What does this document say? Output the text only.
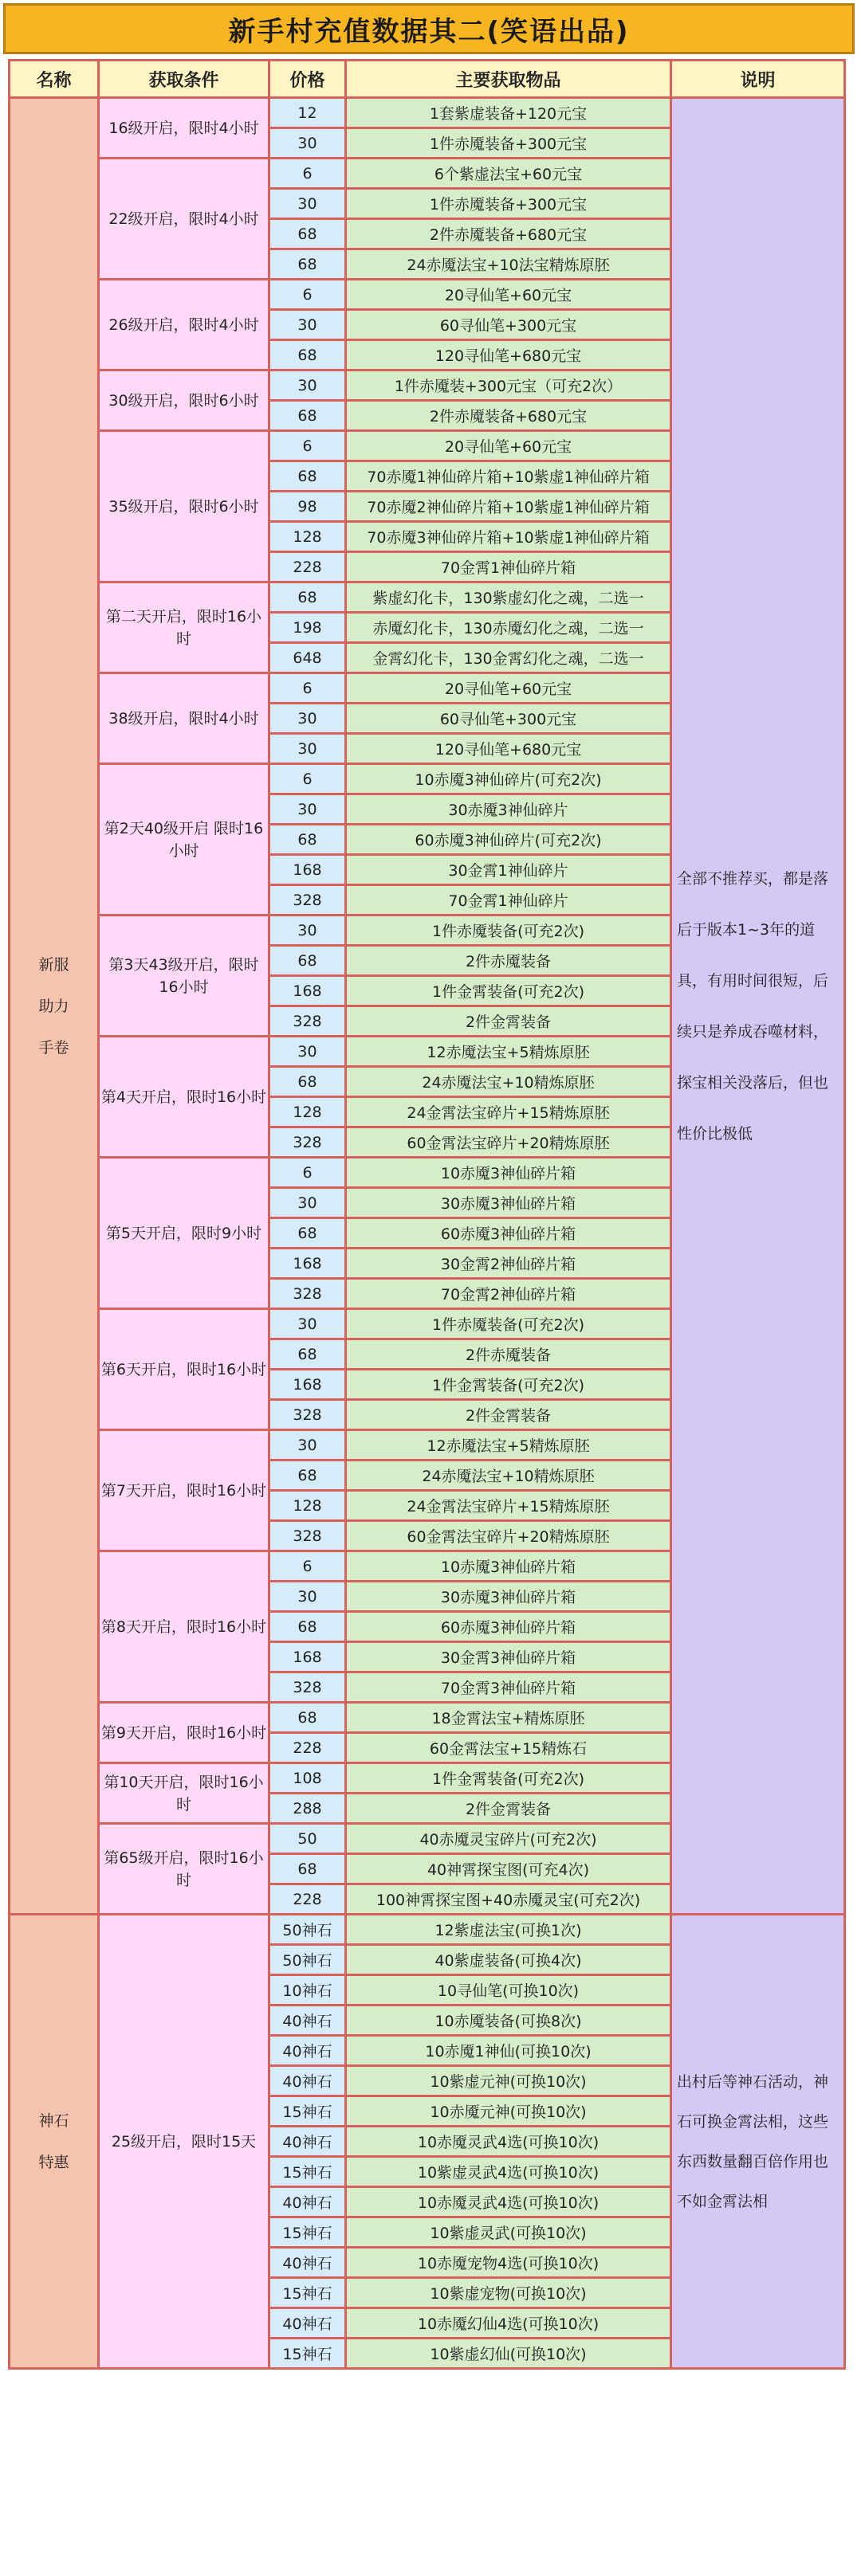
新手村充值数据其二(笑语出品)
名称	获取条件	价格	主要获取物品	说明
新服助力手卷	16级开启，限时4小时	12	1套紫虚装备+120元宝	全部不推荐买，都是落后于版本1~3年的道具，有用时间很短，后续只是养成吞噬材料，探宝相关没落后，但也性价比极低
		30	1件赤魇装备+300元宝	
	22级开启，限时4小时	6	6个紫虚法宝+60元宝	
		30	1件赤魇装备+300元宝	
		68	2件赤魇装备+680元宝	
		68	24赤魇法宝+10法宝精炼原胚	
	26级开启，限时4小时	6	20寻仙笔+60元宝	
		30	60寻仙笔+300元宝	
		68	120寻仙笔+680元宝	
	30级开启，限时6小时	30	1件赤魇装+300元宝（可充2次）	
		68	2件赤魇装备+680元宝	
	35级开启，限时6小时	6	20寻仙笔+60元宝	
		68	70赤魇1神仙碎片箱+10紫虚1神仙碎片箱	
		98	70赤魇2神仙碎片箱+10紫虚1神仙碎片箱	
		128	70赤魇3神仙碎片箱+10紫虚1神仙碎片箱	
		228	70金霄1神仙碎片箱	
	第二天开启，限时16小时	68	紫虚幻化卡，130紫虚幻化之魂，二选一	
		198	赤魇幻化卡，130赤魇幻化之魂，二选一	
		648	金霄幻化卡，130金霄幻化之魂，二选一	
	38级开启，限时4小时	6	20寻仙笔+60元宝	
		30	60寻仙笔+300元宝	
		30	120寻仙笔+680元宝	
	第2天40级开启 限时16小时	6	10赤魇3神仙碎片(可充2次)	
		30	30赤魇3神仙碎片	
		68	60赤魇3神仙碎片(可充2次)	
		168	30金霄1神仙碎片	
		328	70金霄1神仙碎片	
	第3天43级开启，限时16小时	30	1件赤魇装备(可充2次)	
		68	2件赤魇装备	
		168	1件金霄装备(可充2次)	
		328	2件金霄装备	
	第4天开启，限时16小时	30	12赤魇法宝+5精炼原胚	
		68	24赤魇法宝+10精炼原胚	
		128	24金霄法宝碎片+15精炼原胚	
		328	60金霄法宝碎片+20精炼原胚	
	第5天开启，限时9小时	6	10赤魇3神仙碎片箱	
		30	30赤魇3神仙碎片箱	
		68	60赤魇3神仙碎片箱	
		168	30金霄2神仙碎片箱	
		328	70金霄2神仙碎片箱	
	第6天开启，限时16小时	30	1件赤魇装备(可充2次)	
		68	2件赤魇装备	
		168	1件金霄装备(可充2次)	
		328	2件金霄装备	
	第7天开启，限时16小时	30	12赤魇法宝+5精炼原胚	
		68	24赤魇法宝+10精炼原胚	
		128	24金霄法宝碎片+15精炼原胚	
		328	60金霄法宝碎片+20精炼原胚	
	第8天开启，限时16小时	6	10赤魇3神仙碎片箱	
		30	30赤魇3神仙碎片箱	
		68	60赤魇3神仙碎片箱	
		168	30金霄3神仙碎片箱	
		328	70金霄3神仙碎片箱	
	第9天开启，限时16小时	68	18金霄法宝+精炼原胚	
		228	60金霄法宝+15精炼石	
	第10天开启，限时16小时	108	1件金霄装备(可充2次)	
		288	2件金霄装备	
	第65级开启，限时16小时	50	40赤魇灵宝碎片(可充2次)	
		68	40神霄探宝图(可充4次)	
		228	100神霄探宝图+40赤魇灵宝(可充2次)	
神石特惠	25级开启，限时15天	50神石	12紫虚法宝(可换1次)	出村后等神石活动，神石可换金霄法相，这些东西数量翻百倍作用也不如金霄法相
		50神石	40紫虚装备(可换4次)	
		10神石	10寻仙笔(可换10次)	
		40神石	10赤魇装备(可换8次)	
		40神石	10赤魇1神仙(可换10次)	
		40神石	10紫虚元神(可换10次)	
		15神石	10赤魇元神(可换10次)	
		40神石	10赤魇灵武4选(可换10次)	
		15神石	10紫虚灵武4选(可换10次)	
		40神石	10赤魇灵武4选(可换10次)	
		15神石	10紫虚灵武(可换10次)	
		40神石	10赤魇宠物4选(可换10次)	
		15神石	10紫虚宠物(可换10次)	
		40神石	10赤魇幻仙4选(可换10次)	
		15神石	10紫虚幻仙(可换10次)	
